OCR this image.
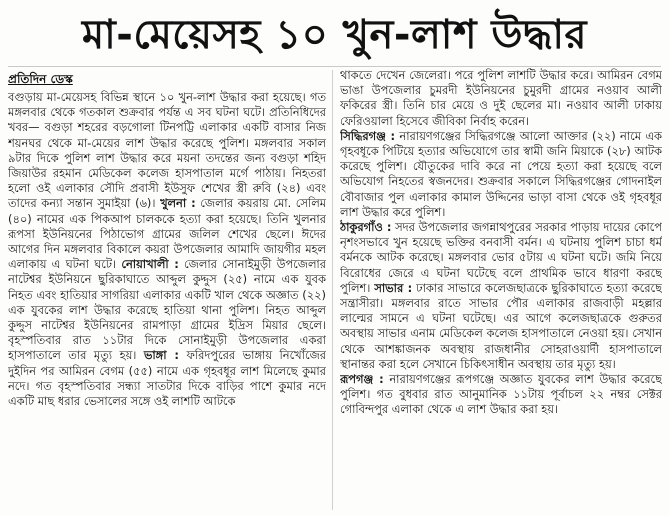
মা-মেয়েসহ ১০ খুন-লাশ উদ্ধার
প্রতিদিন ডেস্ক

বগুড়ায় মা-মেয়েসহ বিভিন্ন স্থানে ১০ খুন-লাশ উদ্ধার করা হয়েছে। গত মঙ্গলবার থেকে গতকাল শুক্রবার পর্যন্ত এ সব ঘটনা ঘটে। প্রতিনিধিদের খবর— বগুড়া শহরের বড়গোলা টিনপট্টি এলাকার একটি বাসার নিজ শয়নঘর থেকে মা-মেয়ের লাশ উদ্ধার করেছে পুলিশ। মঙ্গলবার সকাল ৯টার দিকে পুলিশ লাশ উদ্ধার করে ময়না তদন্তের জন্য বগুড়া শহিদ জিয়াউর রহমান মেডিকেল কলেজ হাসপাতাল মর্গে পাঠায়। নিহতরা হলো ওই এলাকার সৌদি প্রবাসী ইউসুফ শেখের স্ত্রী রুবি (২৪) এবং তাদের কন্যা সন্তান সুমাইয়া (৬)। খুলনা : জেলার কয়রায় মো. সেলিম (৪০) নামের এক পিকআপ চালককে হত্যা করা হয়েছে। তিনি খুলনার রূপসা ইউনিয়নের পিঠাভোগ গ্রামের জলিল শেখের ছেলে। ঈদের আগের দিন মঙ্গলবার বিকালে কয়রা উপজেলার আমাদি জায়গীর মহল এলাকায় এ ঘটনা ঘটে। নোয়াখালী : জেলার সোনাইমুড়ী উপজেলার নাটেশ্বর ইউনিয়নে ছুরিকাঘাতে আব্দুল কুদ্দুস (২৫) নামে এক যুবক নিহত এবং হাতিয়ার সাগরিয়া এলাকার একটি খাল থেকে অজ্ঞাত (২২) এক যুবকের লাশ উদ্ধার করেছে হাতিয়া থানা পুলিশ। নিহত আব্দুল কুদ্দুস নাটেশ্বর ইউনিয়নের রামপাড়া গ্রামের ইদ্রিস মিয়ার ছেলে। বৃহস্পতিবার রাত ১১টার দিকে সোনাইমুড়ী উপজেলার একরা হাসপাতালে তার মৃত্যু হয়। ভাঙ্গা : ফরিদপুরের ভাঙ্গায় নিখোঁজের দুইদিন পর আমিরন বেগম (৫৫) নামে এক গৃহবধূর লাশ মিলেছে কুমার নদে। গত বৃহস্পতিবার সন্ধ্যা সাতটার দিকে বাড়ির পাশে কুমার নদে একটি মাছ ধরার ভেসালের সঙ্গে ওই লাশটি আটকে

থাকতে দেখেন জেলেরা। পরে পুলিশ লাশটি উদ্ধার করে। আমিরন বেগম ভাঙা উপজেলার চুমরদী ইউনিয়নের চুমুরদী গ্রামের নওয়াব আলী ফকিরের স্ত্রী। তিনি চার মেয়ে ও দুই ছেলের মা। নওয়াব আলী ঢাকায় ফেরিওয়ালা হিসেবে জীবিকা নির্বাহ করেন।

সিদ্ধিরগঞ্জ : নারায়ণগঞ্জের সিদ্ধিরগঞ্জে আলো আক্তার (২২) নামে এক গৃহবধূকে পিটিয়ে হত্যার অভিযোগে তার স্বামী জনি মিয়াকে (২৮) আটক করেছে পুলিশ। যৌতুকের দাবি করে না পেয়ে হত্যা করা হয়েছে বলে অভিযোগ নিহতের স্বজনদের। শুক্রবার সকালে সিদ্ধিরগঞ্জের গোদনাইল বৌবাজার পুল এলাকার কামাল উদ্দিনের ভাড়া বাসা থেকে ওই গৃহবধূর লাশ উদ্ধার করে পুলিশ।

ঠাকুরগাঁও : সদর উপজেলার জগন্নাথপুরের সরকার পাড়ায় দায়ের কোপে নৃশংসভাবে খুন হয়েছে ভক্তির বনবাসী বর্মন। এ ঘটনায় পুলিশ চাচা ধর্ম বর্মনকে আটক করেছে। মঙ্গলবার ভোর ৫টায় এ ঘটনা ঘটে। জমি নিয়ে বিরোধের জেরে এ ঘটনা ঘটেছে বলে প্রাথমিক ভাবে ধারণা করছে পুলিশ। সাভার : ঢাকার সাভারে কলেজছাত্রকে ছুরিকাঘাতে হত্যা করেছে সন্ত্রাসীরা। মঙ্গলবার রাতে সাভার পৌর এলাকার রাজবাড়ী মহল্লার লাল্মের সামনে এ ঘটনা ঘটেছে। এর আগে কলেজছাত্রকে গুরুতর অবস্থায় সাভার এনাম মেডিকেল কলেজ হাসপাতালে নেওয়া হয়। সেখান থেকে আশঙ্কাজনক অবস্থায় রাজধানীর সোহরাওয়ার্দী হাসপাতালে স্থানান্তর করা হলে সেখানে চিকিৎসাধীন অবস্থায় তার মৃত্যু হয়।

রূপগঞ্জ : নারায়ণগঞ্জের রূপগঞ্জে অজ্ঞাত যুবকের লাশ উদ্ধার করেছে পুলিশ। গত বুধবার রাত আনুমানিক ১১টায় পূর্বাচল ২২ নম্বর সেক্টর গোবিন্দপুর এলাকা থেকে এ লাশ উদ্ধার করা হয়।
